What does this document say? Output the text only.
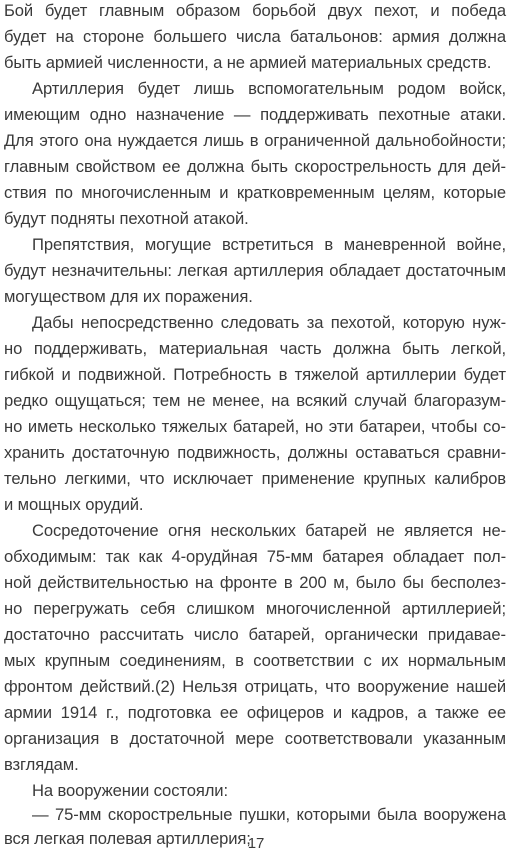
Бой будет главным образом борьбой двух пехот, и победа
будет на стороне большего числа батальонов: армия должна
быть армией численности, а не армией материальных средств.
Артиллерия будет лишь вспомогательным родом войск,
имеющим одно назначение — поддерживать пехотные атаки.
Для этого она нуждается лишь в ограниченной дальнобойности;
главным свойством ее должна быть скорострельность для дей-
ствия по многочисленным и кратковременным целям, которые
будут подняты пехотной атакой.
Препятствия, могущие встретиться в маневренной войне,
будут незначительны: легкая артиллерия обладает достаточным
могуществом для их поражения.
Дабы непосредственно следовать за пехотой, которую нуж-
но поддерживать, материальная часть должна быть легкой,
гибкой и подвижной. Потребность в тяжелой артиллерии будет
редко ощущаться; тем не менее, на всякий случай благоразум-
но иметь несколько тяжелых батарей, но эти батареи, чтобы со-
хранить достаточную подвижность, должны оставаться сравни-
тельно легкими, что исключает применение крупных калибров
и мощных орудий.
Сосредоточение огня нескольких батарей не является не-
обходимым: так как 4-орудйная 75-мм батарея обладает пол-
ной действительностью на фронте в 200 м, было бы бесполез-
но перегружать себя слишком многочисленной артиллерией;
достаточно рассчитать число батарей, органически придавае-
мых крупным соединениям, в соответствии с их нормальным
фронтом действий.(2) Нельзя отрицать, что вооружение нашей
армии 1914 г., подготовка ее офицеров и кадров, а также ее
организация в достаточной мере соответствовали указанным
взглядам.
На вооружении состояли:
— 75-мм скорострельные пушки, которыми была вооружена
вся легкая полевая артиллерия;
17
